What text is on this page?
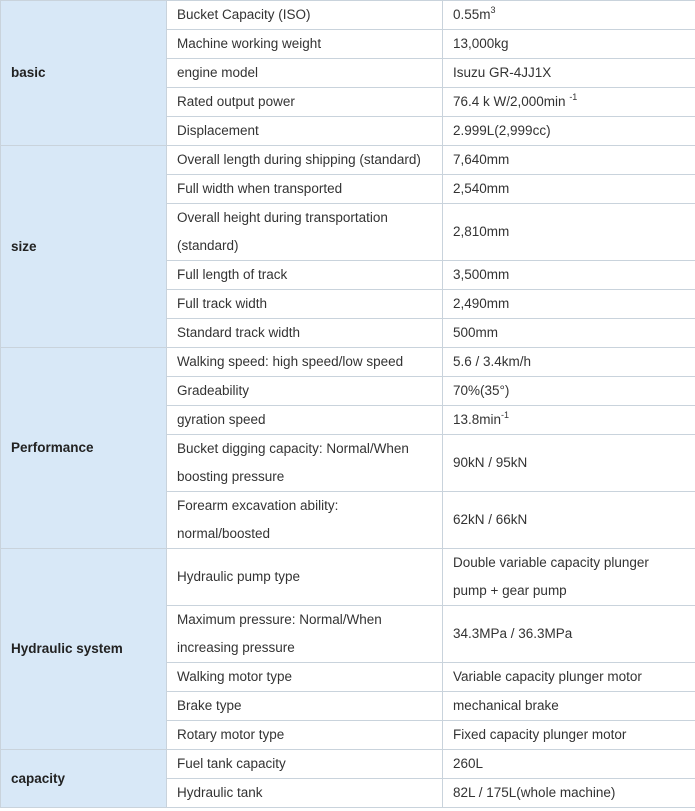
basic	Bucket Capacity (ISO)	$0.55m^3$
	Machine working weight	13,000kg
	engine model	Isuzu GR-4JJ1X
	Rated output power	76.4 k W/2,000min $^{-1}$
	Displacement	2.999L(2,999cc)
size	Overall length during shipping (standard)	7,640mm
	Full width when transported	2,540mm
	Overall height during transportation (standard)	2,810mm
	Full length of track	3,500mm
	Full track width	2,490mm
	Standard track width	500mm
Performance	Walking speed: high speed/low speed	5.6 / 3.4km/h
	Gradeability	70%(35°)
	gyration speed	$13.8\min^{-1}$
	Bucket digging capacity: Normal/When boosting pressure	90kN / 95kN
	Forearm excavation ability: normal/boosted	62kN / 66kN
Hydraulic system	Hydraulic pump type	Double variable capacity plunger pump + gear pump
	Maximum pressure: Normal/When increasing pressure	34.3MPa / 36.3MPa
	Walking motor type	Variable capacity plunger motor
	Brake type	mechanical brake
	Rotary motor type	Fixed capacity plunger motor
capacity	Fuel tank capacity	260L
	Hydraulic tank	82L / 175L(whole machine)
